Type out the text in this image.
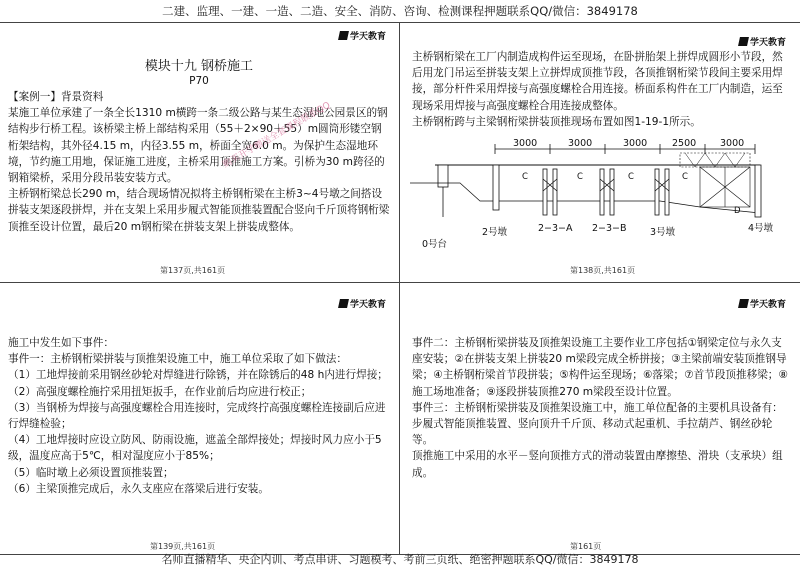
二建、监理、一建、一造、二造、安全、消防、咨询、检测课程押题联系QQ/微信：3849178
学天教育
模块十九 钢桥施工
P70

【案例一】背景资料

某施工单位承建了一条全长1310 m横跨一条二级公路与某生态湿地公园景区的钢结构步行桥工程。该桥梁主桥上部结构采用（55＋2×90＋55）m圆筒形镂空钢桁架结构，其外径4.15 m，内径3.55 m，桥面全宽6.0 m。为保护生态湿地环境，节约施工用地，保证施工进度，主桥采用顶推施工方案。引桥为30 m跨径的钢箱梁桥，采用分段吊装安装方式。

主桥钢桁梁总长290 m，结合现场情况拟将主桥钢桁梁在主桥3~4号墩之间搭设拼装支架逐段拼焊，并在支架上采用步履式智能顶推装置配合竖向千斤顶将钢桁梁顶推至设计位置，最后20 m钢桁梁在拼装支架上拼装成整体。

第137页,共161页
购买开学赠送全套课程联系QQ
学天教育

主桥钢桁梁在工厂内制造成构件运至现场，在卧拼胎架上拼焊成圆形小节段，然后用龙门吊运至拼装支架上立拼焊成顶推节段，各顶推钢桁梁节段间主要采用焊接，部分杆件采用焊接与高强度螺栓合用连接。桥面系构件在工厂内制造，运至现场采用焊接与高强度螺栓合用连接成整体。

主桥钢桁跨与主梁钢桁梁拼装顶推现场布置如图1-19-1所示。

3000	3000	3000	2500	3000
C	C	C	C
D
0号台
2号墩	2−3−A 2−3−B 3号墩	4号墩
第138页,共161页
学天教育

施工中发生如下事件：

事件一：主桥钢桁梁拼装与顶推架设施工中，施工单位采取了如下做法：

（1）工地焊接前采用钢丝砂轮对焊缝进行除锈，并在除锈后的48 h内进行焊接；

（2）高强度螺栓施拧采用扭矩扳手，在作业前后均应进行校正；

（3）当钢桥为焊接与高强度螺栓合用连接时，完成终拧高强度螺栓连接副后应进行焊缝检验；

（4）工地焊接时应设立防风、防雨设施，遮盖全部焊接处；焊接时风力应小于5级，温度应高于5℃，相对湿度应小于85%；

（5）临时墩上必须设置顶推装置；

（6）主梁顶推完成后，永久支座应在落梁后进行安装。

第139页,共161页
学天教育

事件二：主桥钢桁梁拼装及顶推架设施工主要作业工序包括①钢梁定位与永久支座安装；②在拼装支架上拼装20 m梁段完成全桥拼接；③主梁前端安装顶推钢导梁；④主桥钢桁梁首节段拼装；⑤构件运至现场；⑥落梁；⑦首节段顶推移梁；⑧施工场地准备；⑨逐段拼装顶推270 m梁段至设计位置。

事件三：主桥钢桁梁拼装及顶推架设施工中，施工单位配备的主要机具设备有：步履式智能顶推装置、竖向顶升千斤顶、移动式起重机、手拉葫芦、钢丝砂轮等。

顶推施工中采用的水平－竖向顶推方式的滑动装置由摩擦垫、滑块（支承块）组成。

第161页
名师直播精华、央企内训、考点串讲、习题模考、考前三页纸、绝密押题联系QQ/微信：3849178
